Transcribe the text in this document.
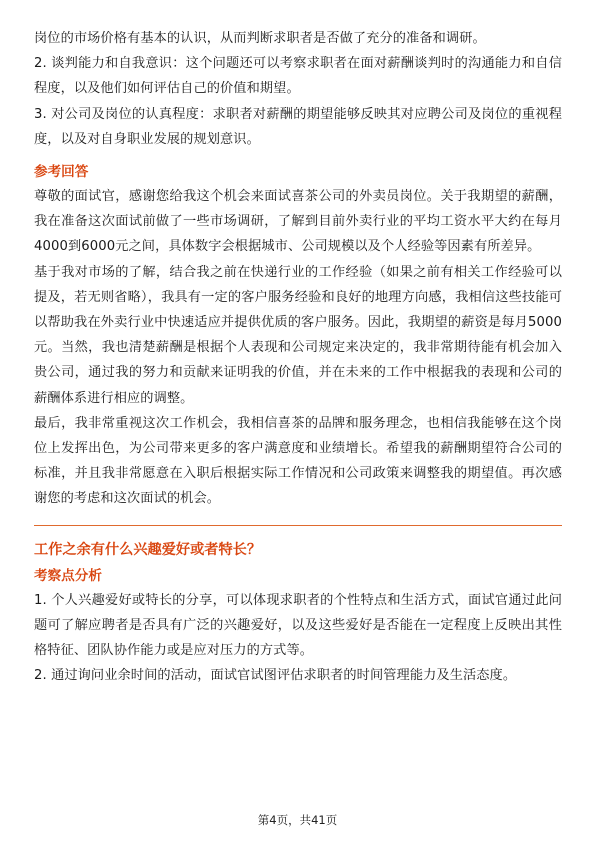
岗位的市场价格有基本的认识，从而判断求职者是否做了充分的准备和调研。

2. 谈判能力和自我意识：这个问题还可以考察求职者在面对薪酬谈判时的沟通能力和自信程度，以及他们如何评估自己的价值和期望。

3. 对公司及岗位的认真程度：求职者对薪酬的期望能够反映其对应聘公司及岗位的重视程度，以及对自身职业发展的规划意识。

参考回答

尊敬的面试官，感谢您给我这个机会来面试喜茶公司的外卖员岗位。关于我期望的薪酬，我在准备这次面试前做了一些市场调研，了解到目前外卖行业的平均工资水平大约在每月4000到6000元之间，具体数字会根据城市、公司规模以及个人经验等因素有所差异。

基于我对市场的了解，结合我之前在快递行业的工作经验（如果之前有相关工作经验可以提及，若无则省略），我具有一定的客户服务经验和良好的地理方向感，我相信这些技能可以帮助我在外卖行业中快速适应并提供优质的客户服务。因此，我期望的薪资是每月5000元。当然，我也清楚薪酬是根据个人表现和公司规定来决定的，我非常期待能有机会加入贵公司，通过我的努力和贡献来证明我的价值，并在未来的工作中根据我的表现和公司的薪酬体系进行相应的调整。

最后，我非常重视这次工作机会，我相信喜茶的品牌和服务理念，也相信我能够在这个岗位上发挥出色，为公司带来更多的客户满意度和业绩增长。希望我的薪酬期望符合公司的标准，并且我非常愿意在入职后根据实际工作情况和公司政策来调整我的期望值。再次感谢您的考虑和这次面试的机会。

工作之余有什么兴趣爱好或者特长？
考察点分析

1. 个人兴趣爱好或特长的分享，可以体现求职者的个性特点和生活方式，面试官通过此问题可了解应聘者是否具有广泛的兴趣爱好，以及这些爱好是否能在一定程度上反映出其性格特征、团队协作能力或是应对压力的方式等。

2. 通过询问业余时间的活动，面试官试图评估求职者的时间管理能力及生活态度。

第4页，共41页
